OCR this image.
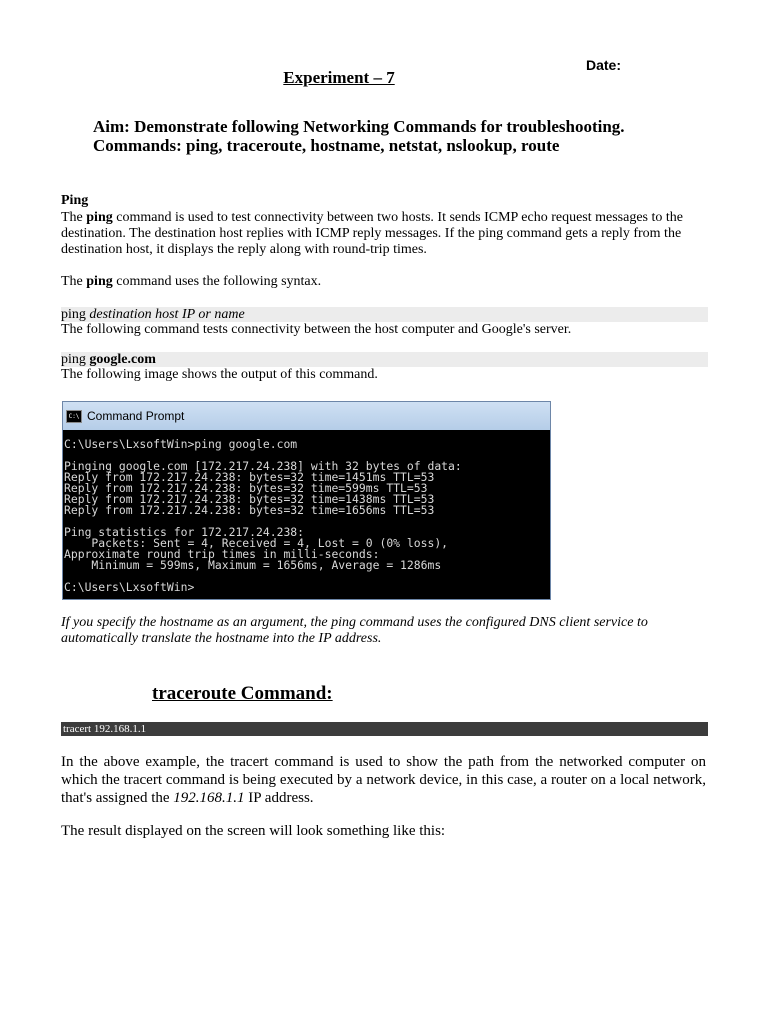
Date:
Experiment – 7
Aim: Demonstrate following Networking Commands for troubleshooting.
Commands: ping, traceroute, hostname, netstat, nslookup, route
Ping
The ping command is used to test connectivity between two hosts. It sends ICMP echo request messages to the destination. The destination host replies with ICMP reply messages. If the ping command gets a reply from the destination host, it displays the reply along with round-trip times.
The ping command uses the following syntax.
ping destination host IP or name
The following command tests connectivity between the host computer and Google's server.
ping google.com
The following image shows the output of this command.
C:\ Command Prompt
C:\Users\LxsoftWin>ping google.com
Pinging google.com [172.217.24.238] with 32 bytes of data:
Reply from 172.217.24.238: bytes=32 time=1451ms TTL=53
Reply from 172.217.24.238: bytes=32 time=599ms TTL=53
Reply from 172.217.24.238: bytes=32 time=1438ms TTL=53
Reply from 172.217.24.238: bytes=32 time=1656ms TTL=53
Ping statistics for 172.217.24.238:
Packets: Sent = 4, Received = 4, Lost = 0 (0% loss),
Approximate round trip times in milli-seconds:
Minimum = 599ms, Maximum = 1656ms, Average = 1286ms
C:\Users\LxsoftWin>
If you specify the hostname as an argument, the ping command uses the configured DNS client service to automatically translate the hostname into the IP address.
traceroute Command:
tracert 192.168.1.1
In the above example, the tracert command is used to show the path from the networked computer on which the tracert command is being executed by a network device, in this case, a router on a local network, that's assigned the 192.168.1.1 IP address.
The result displayed on the screen will look something like this:
